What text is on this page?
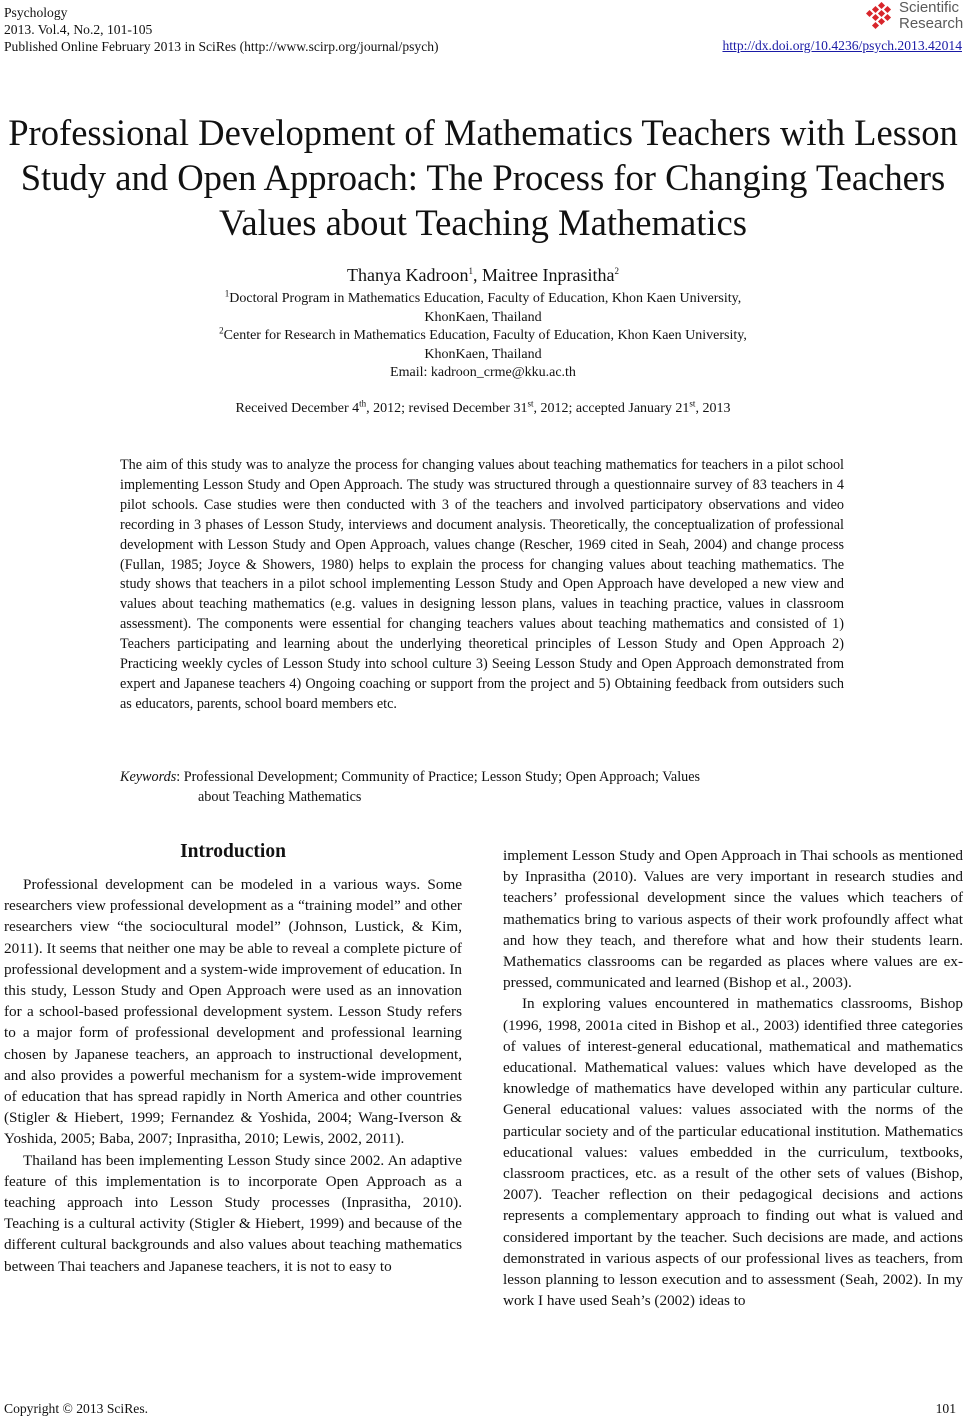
Psychology
2013. Vol.4, No.2, 101-105
Published Online February 2013 in SciRes (http://www.scirp.org/journal/psych)	http://dx.doi.org/10.4236/psych.2013.42014
Scientific
Research
Professional Development of Mathematics Teachers with Lesson
Study and Open Approach: The Process for Changing Teachers
Values about Teaching Mathematics
Thanya Kadroon$^1$, Maitree Inprasitha$^2$
$^1$Doctoral Program in Mathematics Education, Faculty of Education, Khon Kaen University,
KhonKaen, Thailand
$^2$Center for Research in Mathematics Education, Faculty of Education, Khon Kaen University,
KhonKaen, Thailand
Email: kadroon_crme@kku.ac.th
Received December 4th, 2012; revised December 31st, 2012; accepted January 21st, 2013
The aim of this study was to analyze the process for changing values about teaching mathematics for teachers in a pilot school implementing Lesson Study and Open Approach. The study was structured through a questionnaire survey of 83 teachers in 4 pilot schools. Case studies were then conducted with 3 of the teachers and involved participatory observations and video recording in 3 phases of Lesson Study, interviews and document analysis. Theoretically, the conceptualization of professional development with Lesson Study and Open Approach, values change (Rescher, 1969 cited in Seah, 2004) and change process (Fullan, 1985; Joyce & Showers, 1980) helps to explain the process for changing values about teaching mathematics. The study shows that teachers in a pilot school implementing Lesson Study and Open Approach have developed a new view and values about teaching mathematics (e.g. values in designing lesson plans, values in teaching practice, values in classroom assessment). The components were essential for changing teachers values about teaching mathematics and consisted of 1) Teachers participating and learning about the underlying theoretical principles of Lesson Study and Open Approach 2) Practicing weekly cycles of Lesson Study into school culture 3) Seeing Lesson Study and Open Approach demonstrated from expert and Japanese teachers 4) Ongoing coaching or support from the project and 5) Obtaining feedback from outsiders such as educators, parents, school board members etc.
Keywords: Professional Development; Community of Practice; Lesson Study; Open Approach; Values
about Teaching Mathematics
Introduction

Professional development can be modeled in a various ways. Some researchers view professional development as a “training model” and other researchers view “the sociocultural model” (Johnson, Lustick, & Kim, 2011). It seems that neither one may be able to reveal a complete picture of professional development and a system-wide improvement of education. In this study, Lesson Study and Open Approach were used as an innovation for a school-based professional development system. Lesson Study refers to a major form of professional development and professional learning chosen by Japanese teachers, an approach to instructional development, and also provides a powerful mechanism for a system-wide improvement of education that has spread rapidly in North America and other countries (Stigler & Hiebert, 1999; Fernandez & Yoshida, 2004; Wang-Iverson & Yoshida, 2005; Baba, 2007; Inprasitha, 2010; Lewis, 2002, 2011).

Thailand has been implementing Lesson Study since 2002. An adaptive feature of this implementation is to incorporate Open Approach as a teaching approach into Lesson Study processes (Inprasitha, 2010). Teaching is a cultural activity (Stigler & Hiebert, 1999) and because of the different cultural backgrounds and also values about teaching mathematics between Thai teachers and Japanese teachers, it is not to easy to

implement Lesson Study and Open Approach in Thai schools as mentioned by Inprasitha (2010). Values are very important in research studies and teachers’ professional development since the values which teachers of mathematics bring to various aspects of their work profoundly affect what and how they teach, and therefore what and how their students learn. Mathematics classrooms can be regarded as places where values are expressed, communicated and learned (Bishop et al., 2003).

In exploring values encountered in mathematics classrooms, Bishop (1996, 1998, 2001a cited in Bishop et al., 2003) identified three categories of values of interest-general educational, mathematical and mathematics educational. Mathematical values: values which have developed as the knowledge of mathematics have developed within any particular culture. General educational values: values associated with the norms of the particular society and of the particular educational institution. Mathematics educational values: values embedded in the curriculum, textbooks, classroom practices, etc. as a result of the other sets of values (Bishop, 2007). Teacher reflection on their pedagogical decisions and actions represents a complementary approach to finding out what is valued and considered important by the teacher. Such decisions are made, and actions demonstrated in various aspects of our professional lives as teachers, from lesson planning to lesson execution and to assessment (Seah, 2002). In my work I have used Seah’s (2002) ideas to

Copyright © 2013 SciRes.	101
